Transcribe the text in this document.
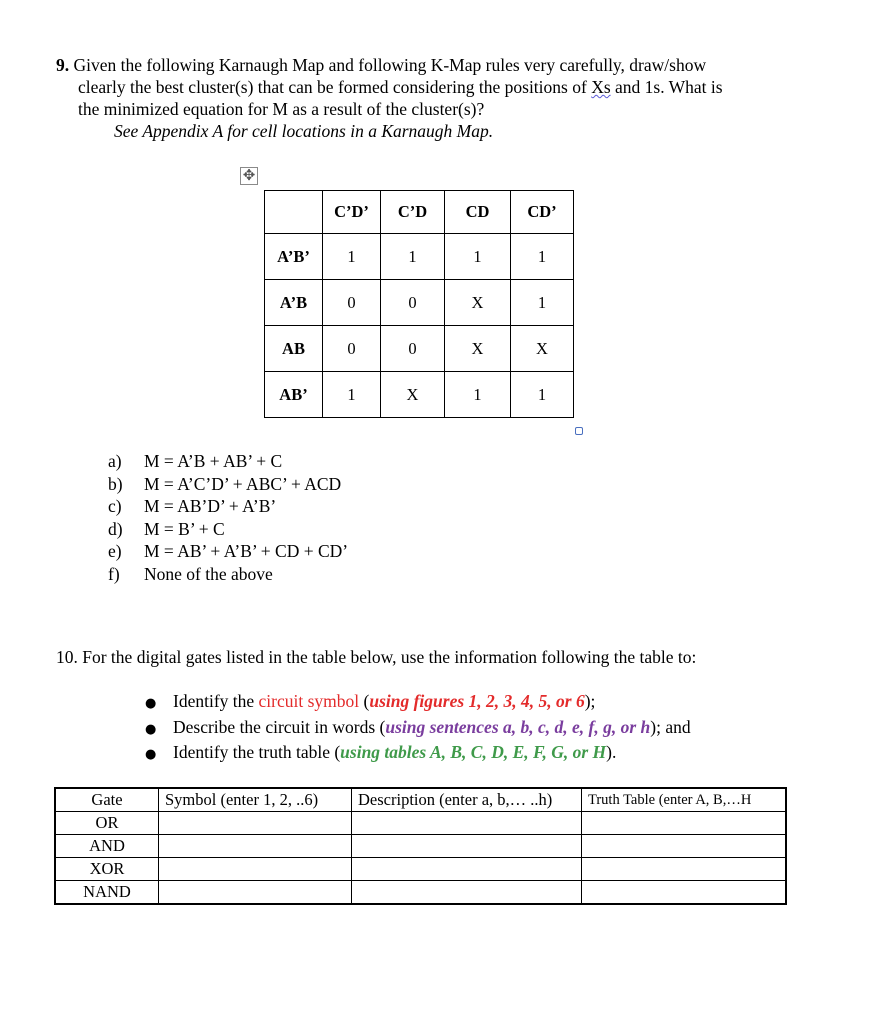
9. Given the following Karnaugh Map and following K-Map rules very carefully, draw/show
clearly the best cluster(s) that can be formed considering the positions of Xs and 1s. What is
the minimized equation for M as a result of the cluster(s)?
See Appendix A for cell locations in a Karnaugh Map.
✥
	C’D’	C’D	CD	CD’
A’B’	1	1	1	1
A’B	0	0	X	1
AB	0	0	X	X
AB’	1	X	1	1
a) M = A’B + AB’ + C
b) M = A’C’D’ + ABC’ + ACD
c) M = AB’D’ + A’B’
d) M = B’ + C
e) M = AB’ + A’B’ + CD + CD’
f) None of the above
10. For the digital gates listed in the table below, use the information following the table to:
● Identify the circuit symbol (using figures 1, 2, 3, 4, 5, or 6);
● Describe the circuit in words (using sentences a, b, c, d, e, f, g, or h); and
● Identify the truth table (using tables A, B, C, D, E, F, G, or H).
Gate	Symbol (enter 1, 2, ..6)	Description (enter a, b,… ..h)	Truth Table (enter A, B,…H
OR			
AND			
XOR			
NAND			
